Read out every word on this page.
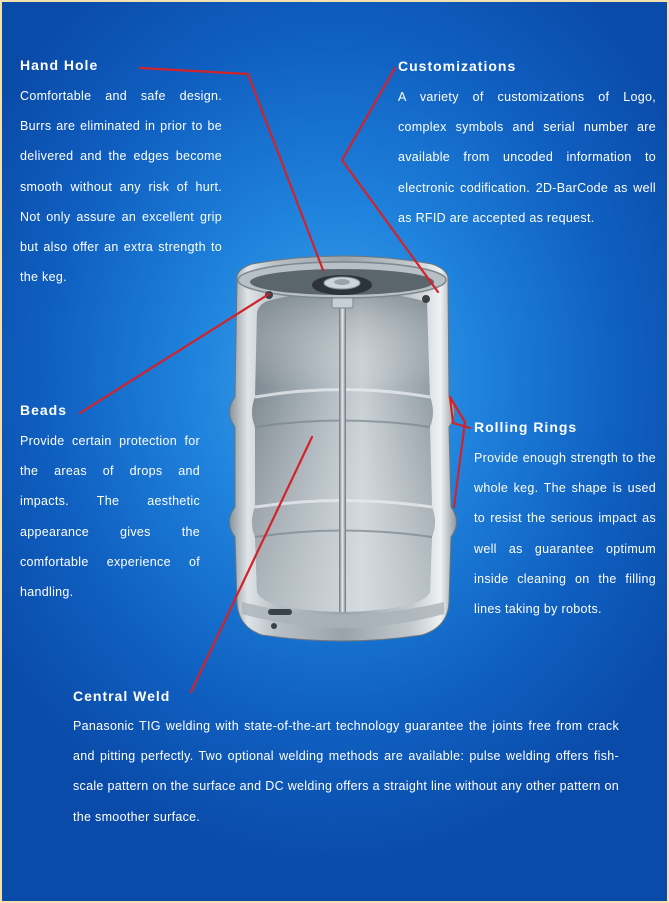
Hand Hole
Comfortable and safe design. Burrs are eliminated in prior to be delivered and the edges become smooth without any risk of hurt. Not only assure an excellent grip but also offer an extra strength to the keg.
Customizations
A variety of customizations of Logo, complex symbols and serial number are available from uncoded information to electronic codification. 2D-BarCode as well as RFID are accepted as request.
Beads
Provide certain protection for the areas of drops and impacts. The aesthetic appearance gives the comfortable experience of handling.
Rolling Rings
Provide enough strength to the whole keg. The shape is used to resist the serious impact as well as guarantee optimum inside cleaning on the filling lines taking by robots.
Central Weld
Panasonic TIG welding with state-of-the-art technology guarantee the joints free from crack and pitting perfectly. Two optional welding methods are available: pulse welding offers fish-scale pattern on the surface and DC welding offers a straight line without any other pattern on the smoother surface.
